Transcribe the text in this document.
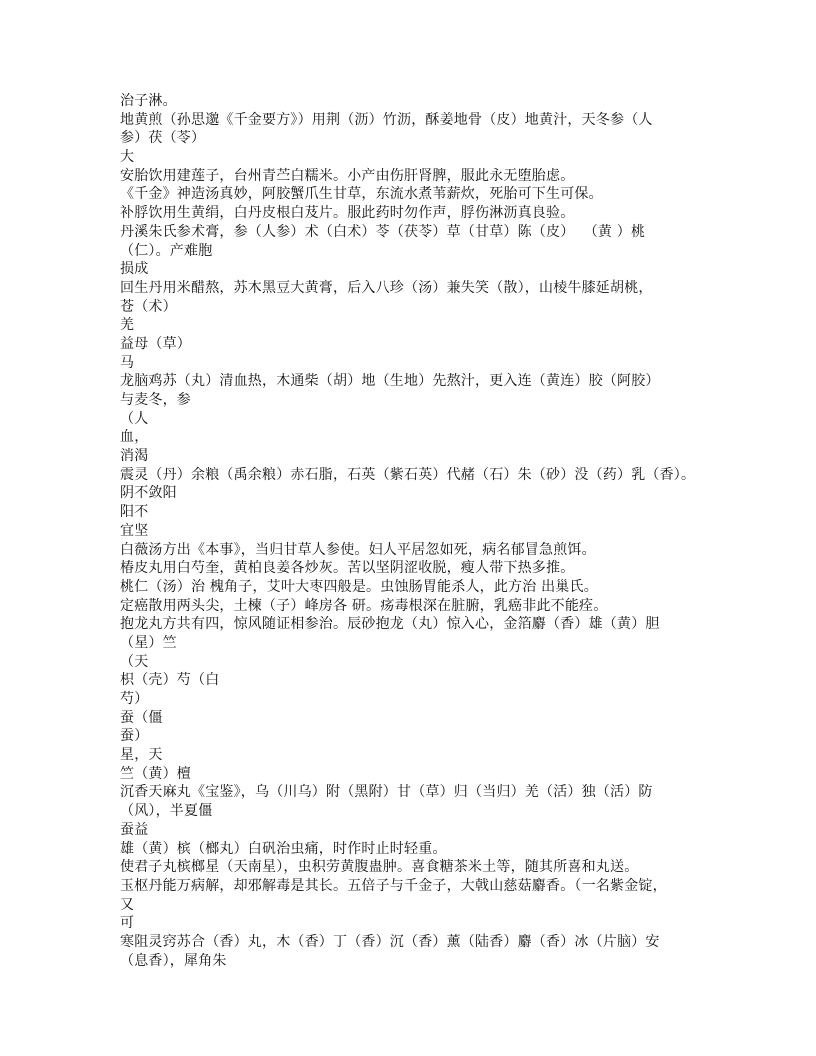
治子淋。
地黄煎（孙思邈《千金要方》）用荆（沥）竹沥，酥姜地骨（皮）地黄汁，天冬参（人
参）茯（苓）
大
安胎饮用建莲子，台州青苎白糯米。小产由伤肝肾脾，服此永无堕胎虑。
《千金》神造汤真妙，阿胶蟹爪生甘草，东流水煮苇薪炊，死胎可下生可保。
补脬饮用生黄绢，白丹皮根白芨片。服此药时勿作声，脬伤淋沥真良验。
丹溪朱氏参术膏，参（人参）术（白术）苓（茯苓）草（甘草）陈（皮）  （黄 ）桃
（仁）。产难胞
损成
回生丹用米醋熬，苏木黑豆大黄膏，后入八珍（汤）兼失笑（散），山棱牛膝延胡桃，
苍（术）
羌
益母（草）
马
龙脑鸡苏（丸）清血热，木通柴（胡）地（生地）先熬汁，更入连（黄连）胶（阿胶）
与麦冬，参
（人
血，
消渴
震灵（丹）余粮（禹余粮）赤石脂，石英（紫石英）代赭（石）朱（砂）没（药）乳（香）。
阴不敛阳
阳不
宜坚
白薇汤方出《本事》，当归甘草人参使。妇人平居忽如死，病名郁冒急煎饵。
椿皮丸用白芍奎，黄柏良姜各炒灰。苦以坚阴涩收脱，瘦人带下热多推。
桃仁（汤）治 槐角子，艾叶大枣四般是。虫蚀肠胃能杀人，此方治 出巢氏。
定癌散用两头尖，土楝（子）峰房各 研。疡毒根深在脏腑，乳癌非此不能痊。
抱龙丸方共有四，惊风随证相参治。辰砂抱龙（丸）惊入心，金箔麝（香）雄（黄）胆
（星）竺
（天
枳（壳）芍（白
芍）
蚕（僵
蚕）
星，天
竺（黄）檀
沉香天麻丸《宝鉴》，乌（川乌）附（黑附）甘（草）归（当归）羌（活）独（活）防
（风），半夏僵
蚕益
雄（黄）槟（榔丸）白矾治虫痛，时作时止时轻重。
使君子丸槟榔星（天南星），虫积劳黄腹蛊肿。喜食糖茶米土等，随其所喜和丸送。
玉枢丹能万病解，却邪解毒是其长。五倍子与千金子，大戟山慈菇麝香。（一名紫金锭，
又
可
寒阻灵窍苏合（香）丸，木（香）丁（香）沉（香）薰（陆香）麝（香）冰（片脑）安
（息香），犀角朱
